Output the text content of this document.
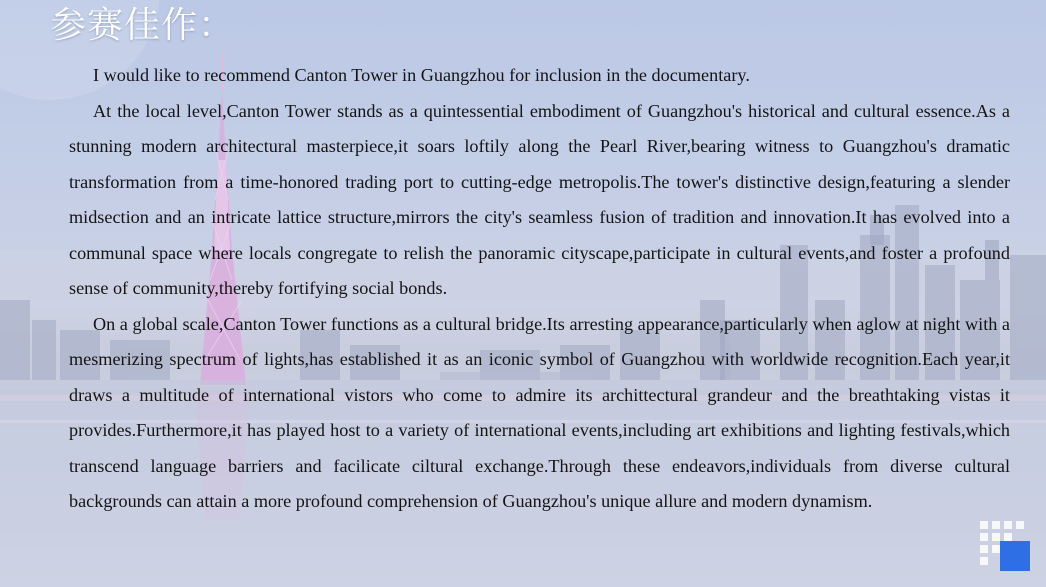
参赛佳作：

I would like to recommend Canton Tower in Guangzhou for inclusion in the documentary.

At the local level,Canton Tower stands as a quintessential embodiment of Guangzhou's historical and cultural essence.As a stunning modern architectural masterpiece,it soars loftily along the Pearl River,bearing witness to Guangzhou's dramatic transformation from a time-honored trading port to cutting-edge metropolis.The tower's distinctive design,featuring a slender midsection and an intricate lattice structure,mirrors the city's seamless fusion of tradition and innovation.It has evolved into a communal space where locals congregate to relish the panoramic cityscape,participate in cultural events,and foster a profound sense of community,thereby fortifying social bonds.

On a global scale,Canton Tower functions as a cultural bridge.Its arresting appearance,particularly when aglow at night with a mesmerizing spectrum of lights,has established it as an iconic symbol of Guangzhou with worldwide recognition.Each year,it draws a multitude of international vistors who come to admire its archittectural grandeur and the breathtaking vistas it provides.Furthermore,it has played host to a variety of international events,including art exhibitions and lighting festivals,which transcend language barriers and facilicate ciltural exchange.Through these endeavors,individuals from diverse cultural backgrounds can attain a more profound comprehension of Guangzhou's unique allure and modern dynamism.
